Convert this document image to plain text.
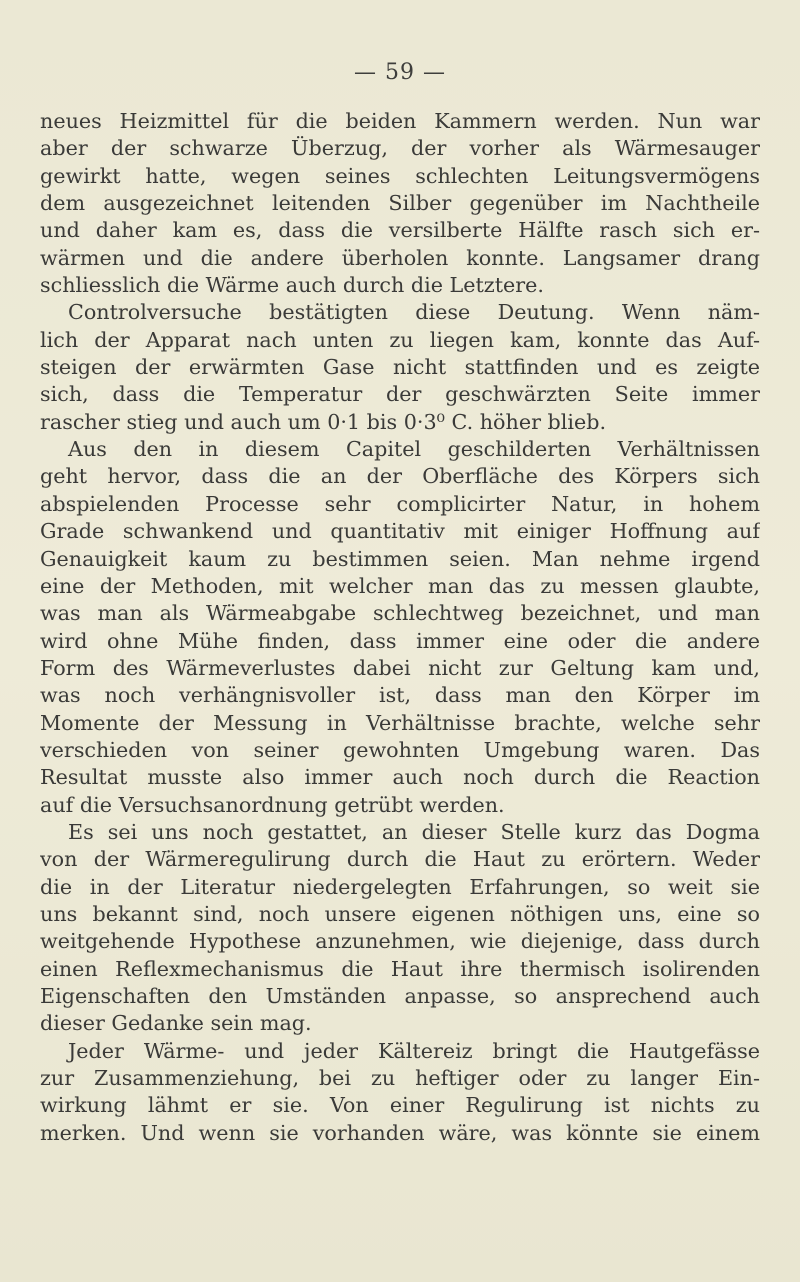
— 59 —
neues Heizmittel für die beiden Kammern werden. Nun war
aber der schwarze Überzug, der vorher als Wärmesauger
gewirkt hatte, wegen seines schlechten Leitungsvermögens
dem ausgezeichnet leitenden Silber gegenüber im Nachtheile
und daher kam es, dass die versilberte Hälfte rasch sich er-
wärmen und die andere überholen konnte. Langsamer drang
schliesslich die Wärme auch durch die Letztere.
Controlversuche bestätigten diese Deutung. Wenn näm-
lich der Apparat nach unten zu liegen kam, konnte das Auf-
steigen der erwärmten Gase nicht stattfinden und es zeigte
sich, dass die Temperatur der geschwärzten Seite immer
rascher stieg und auch um 0·1 bis 0·3⁰ C. höher blieb.
Aus den in diesem Capitel geschilderten Verhältnissen
geht hervor, dass die an der Oberfläche des Körpers sich
abspielenden Processe sehr complicirter Natur, in hohem
Grade schwankend und quantitativ mit einiger Hoffnung auf
Genauigkeit kaum zu bestimmen seien. Man nehme irgend
eine der Methoden, mit welcher man das zu messen glaubte,
was man als Wärmeabgabe schlechtweg bezeichnet, und man
wird ohne Mühe finden, dass immer eine oder die andere
Form des Wärmeverlustes dabei nicht zur Geltung kam und,
was noch verhängnisvoller ist, dass man den Körper im
Momente der Messung in Verhältnisse brachte, welche sehr
verschieden von seiner gewohnten Umgebung waren. Das
Resultat musste also immer auch noch durch die Reaction
auf die Versuchsanordnung getrübt werden.
Es sei uns noch gestattet, an dieser Stelle kurz das Dogma
von der Wärmeregulirung durch die Haut zu erörtern. Weder
die in der Literatur niedergelegten Erfahrungen, so weit sie
uns bekannt sind, noch unsere eigenen nöthigen uns, eine so
weitgehende Hypothese anzunehmen, wie diejenige, dass durch
einen Reflexmechanismus die Haut ihre thermisch isolirenden
Eigenschaften den Umständen anpasse, so ansprechend auch
dieser Gedanke sein mag.
Jeder Wärme- und jeder Kältereiz bringt die Hautgefässe
zur Zusammenziehung, bei zu heftiger oder zu langer Ein-
wirkung lähmt er sie. Von einer Regulirung ist nichts zu
merken. Und wenn sie vorhanden wäre, was könnte sie einem
